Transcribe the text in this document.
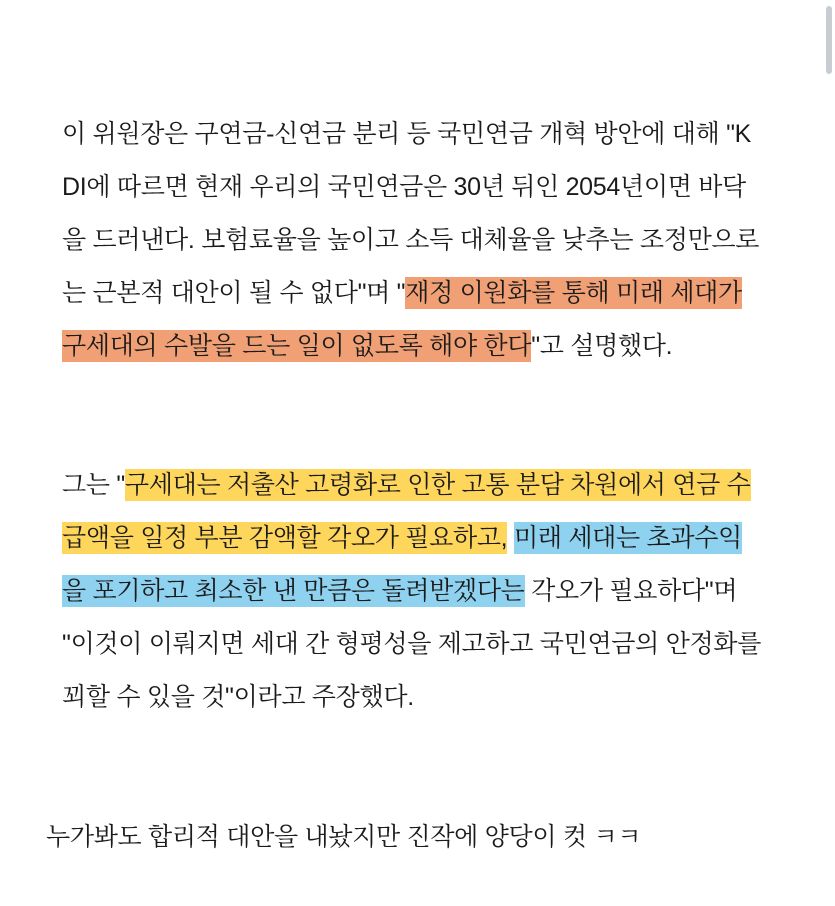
이 위원장은 구연금-신연금 분리 등 국민연금 개혁 방안에 대해 "KDI에 따르면 현재 우리의 국민연금은 30년 뒤인 2054년이면 바닥을 드러낸다. 보험료율을 높이고 소득 대체율을 낮추는 조정만으로는 근본적 대안이 될 수 없다"며 "재정 이원화를 통해 미래 세대가 구세대의 수발을 드는 일이 없도록 해야 한다"고 설명했다.

그는 "구세대는 저출산 고령화로 인한 고통 분담 차원에서 연금 수급액을 일정 부분 감액할 각오가 필요하고, 미래 세대는 초과수익을 포기하고 최소한 낸 만큼은 돌려받겠다는 각오가 필요하다"며 "이것이 이뤄지면 세대 간 형평성을 제고하고 국민연금의 안정화를 꾀할 수 있을 것"이라고 주장했다.

누가봐도 합리적 대안을 내놨지만 진작에 양당이 컷 ㅋㅋ
